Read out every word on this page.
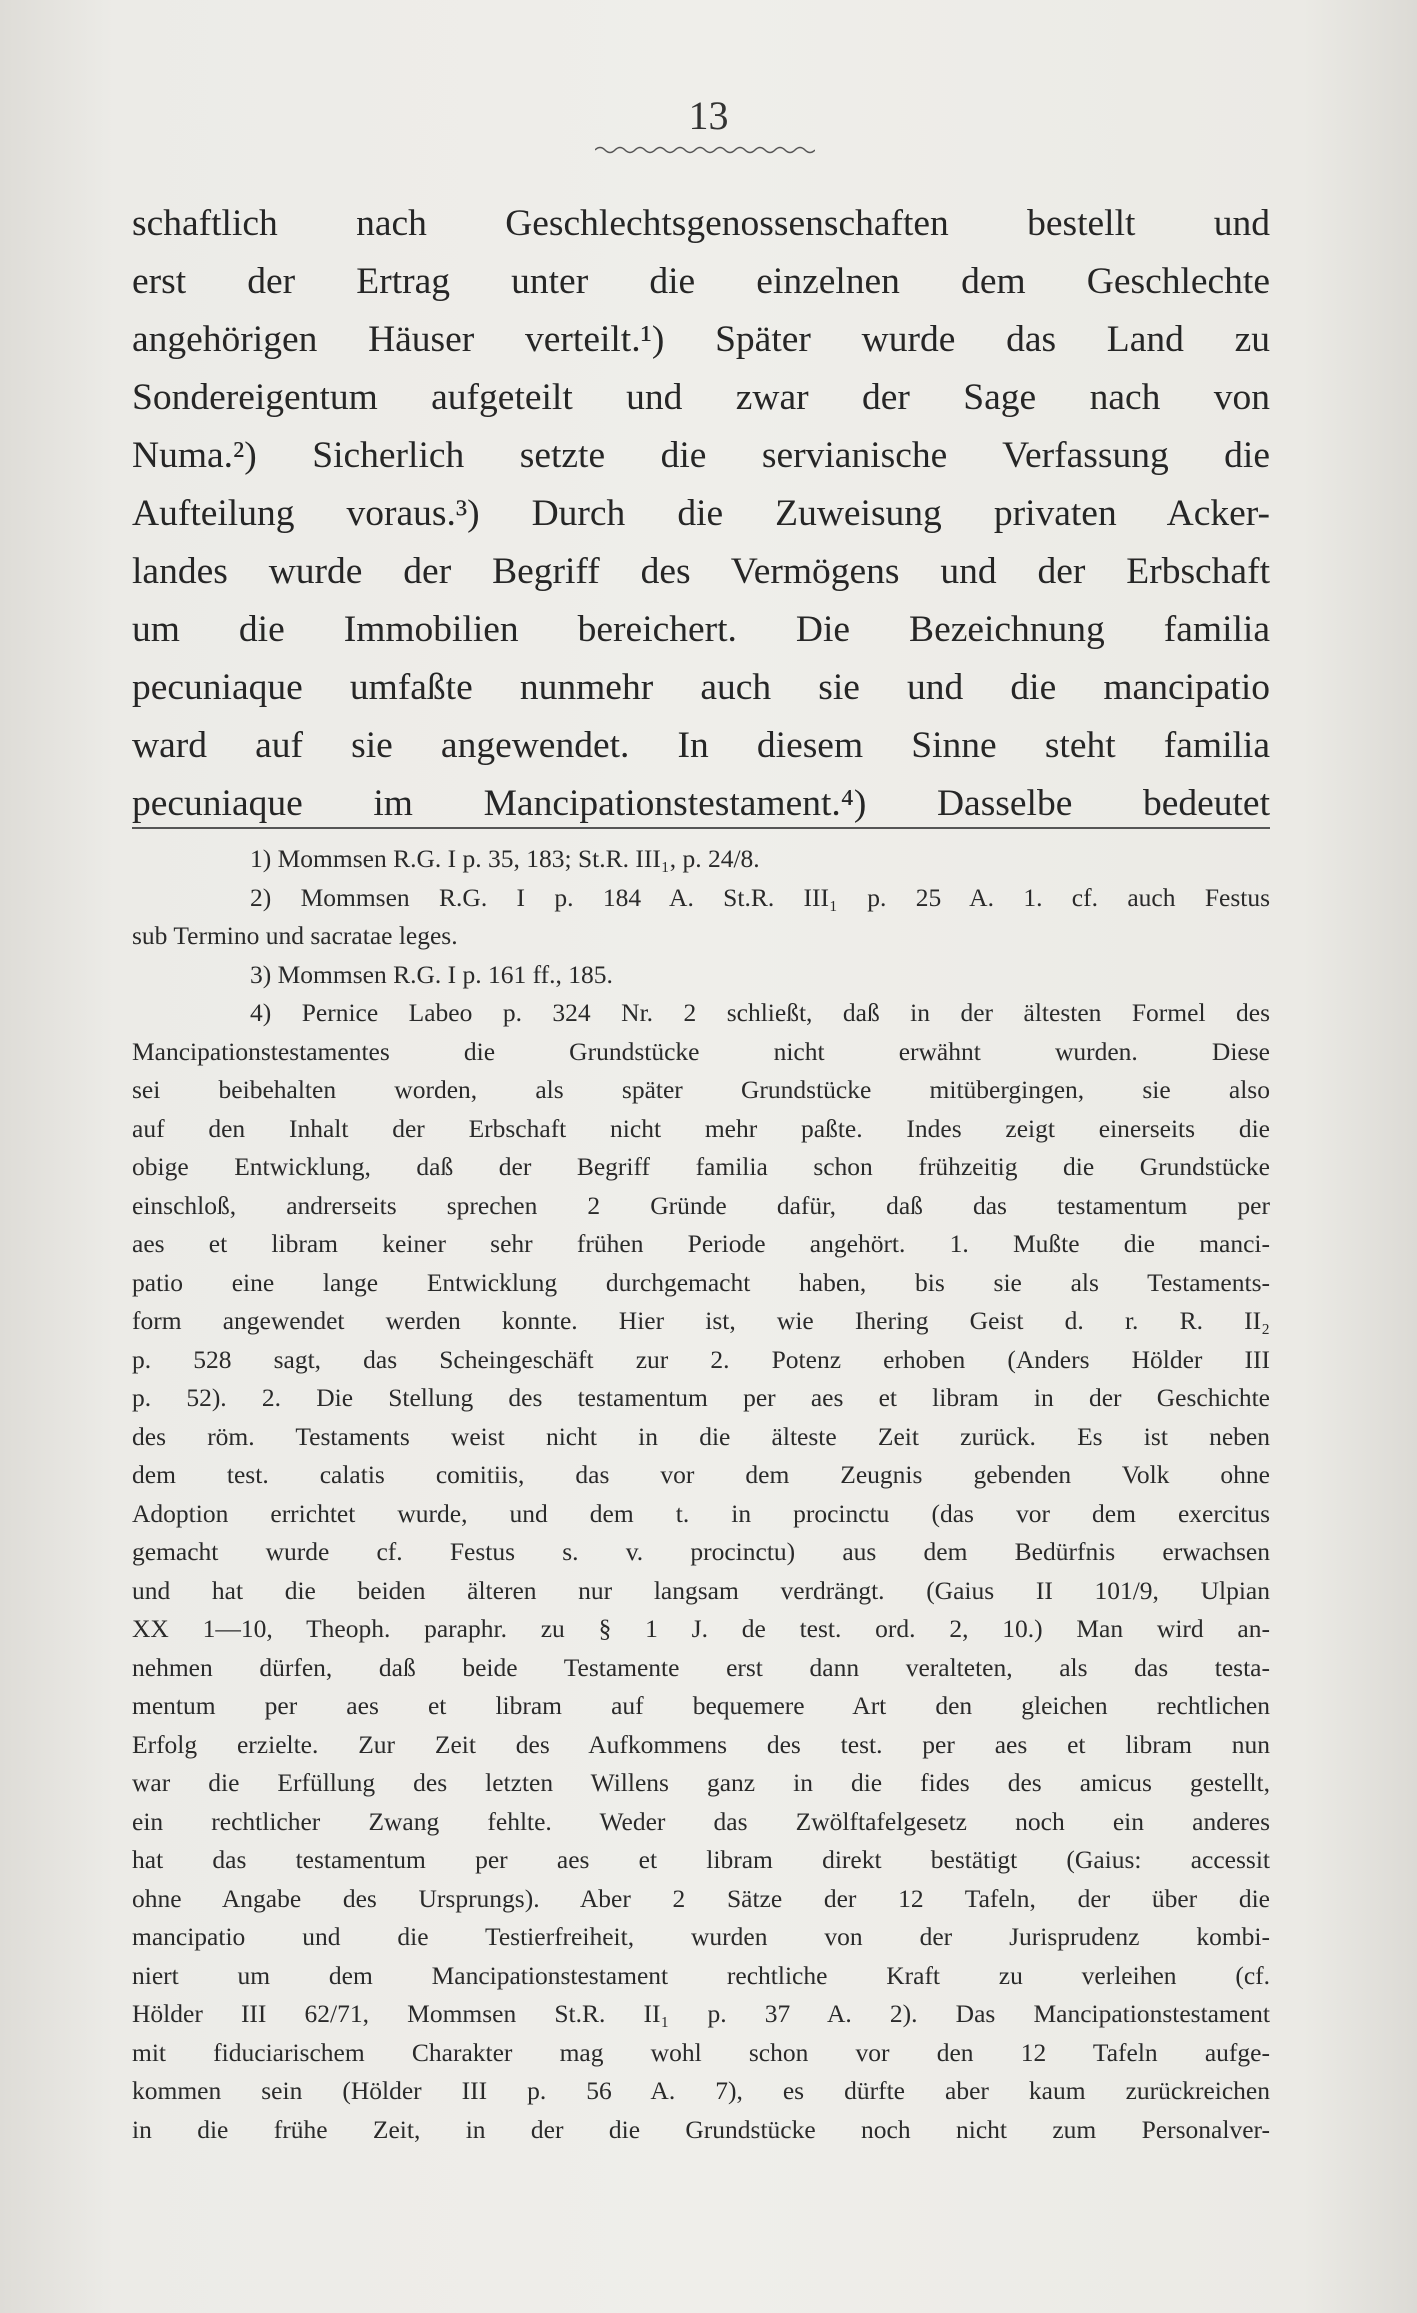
13
schaftlich nach Geschlechtsgenossenschaften bestellt und
erst der Ertrag unter die einzelnen dem Geschlechte
angehörigen Häuser verteilt.¹) Später wurde das Land zu
Sondereigentum aufgeteilt und zwar der Sage nach von
Numa.²) Sicherlich setzte die servianische Verfassung die
Aufteilung voraus.³) Durch die Zuweisung privaten Acker-
landes wurde der Begriff des Vermögens und der Erbschaft
um die Immobilien bereichert. Die Bezeichnung familia
pecuniaque umfaßte nunmehr auch sie und die mancipatio
ward auf sie angewendet. In diesem Sinne steht familia
pecuniaque im Mancipationstestament.⁴) Dasselbe bedeutet
1) Mommsen R.G. I p. 35, 183; St.R. III₁, p. 24/8.
2) Mommsen R.G. I p. 184 A. St.R. III₁ p. 25 A. 1. cf. auch Festus
sub Termino und sacratae leges.
3) Mommsen R.G. I p. 161 ff., 185.
4) Pernice Labeo p. 324 Nr. 2 schließt, daß in der ältesten Formel des
Mancipationstestamentes die Grundstücke nicht erwähnt wurden. Diese
sei beibehalten worden, als später Grundstücke mitübergingen, sie also
auf den Inhalt der Erbschaft nicht mehr paßte. Indes zeigt einerseits die
obige Entwicklung, daß der Begriff familia schon frühzeitig die Grundstücke
einschloß, andrerseits sprechen 2 Gründe dafür, daß das testamentum per
aes et libram keiner sehr frühen Periode angehört. 1. Mußte die manci-
patio eine lange Entwicklung durchgemacht haben, bis sie als Testaments-
form angewendet werden konnte. Hier ist, wie Ihering Geist d. r. R. II₂
p. 528 sagt, das Scheingeschäft zur 2. Potenz erhoben (Anders Hölder III
p. 52). 2. Die Stellung des testamentum per aes et libram in der Geschichte
des röm. Testaments weist nicht in die älteste Zeit zurück. Es ist neben
dem test. calatis comitiis, das vor dem Zeugnis gebenden Volk ohne
Adoption errichtet wurde, und dem t. in procinctu (das vor dem exercitus
gemacht wurde cf. Festus s. v. procinctu) aus dem Bedürfnis erwachsen
und hat die beiden älteren nur langsam verdrängt. (Gaius II 101/9, Ulpian
XX 1—10, Theoph. paraphr. zu § 1 J. de test. ord. 2, 10.) Man wird an-
nehmen dürfen, daß beide Testamente erst dann veralteten, als das testa-
mentum per aes et libram auf bequemere Art den gleichen rechtlichen
Erfolg erzielte. Zur Zeit des Aufkommens des test. per aes et libram nun
war die Erfüllung des letzten Willens ganz in die fides des amicus gestellt,
ein rechtlicher Zwang fehlte. Weder das Zwölftafelgesetz noch ein anderes
hat das testamentum per aes et libram direkt bestätigt (Gaius: accessit
ohne Angabe des Ursprungs). Aber 2 Sätze der 12 Tafeln, der über die
mancipatio und die Testierfreiheit, wurden von der Jurisprudenz kombi-
niert um dem Mancipationstestament rechtliche Kraft zu verleihen (cf.
Hölder III 62/71, Mommsen St.R. II₁ p. 37 A. 2). Das Mancipationstestament
mit fiduciarischem Charakter mag wohl schon vor den 12 Tafeln aufge-
kommen sein (Hölder III p. 56 A. 7), es dürfte aber kaum zurückreichen
in die frühe Zeit, in der die Grundstücke noch nicht zum Personalver-
